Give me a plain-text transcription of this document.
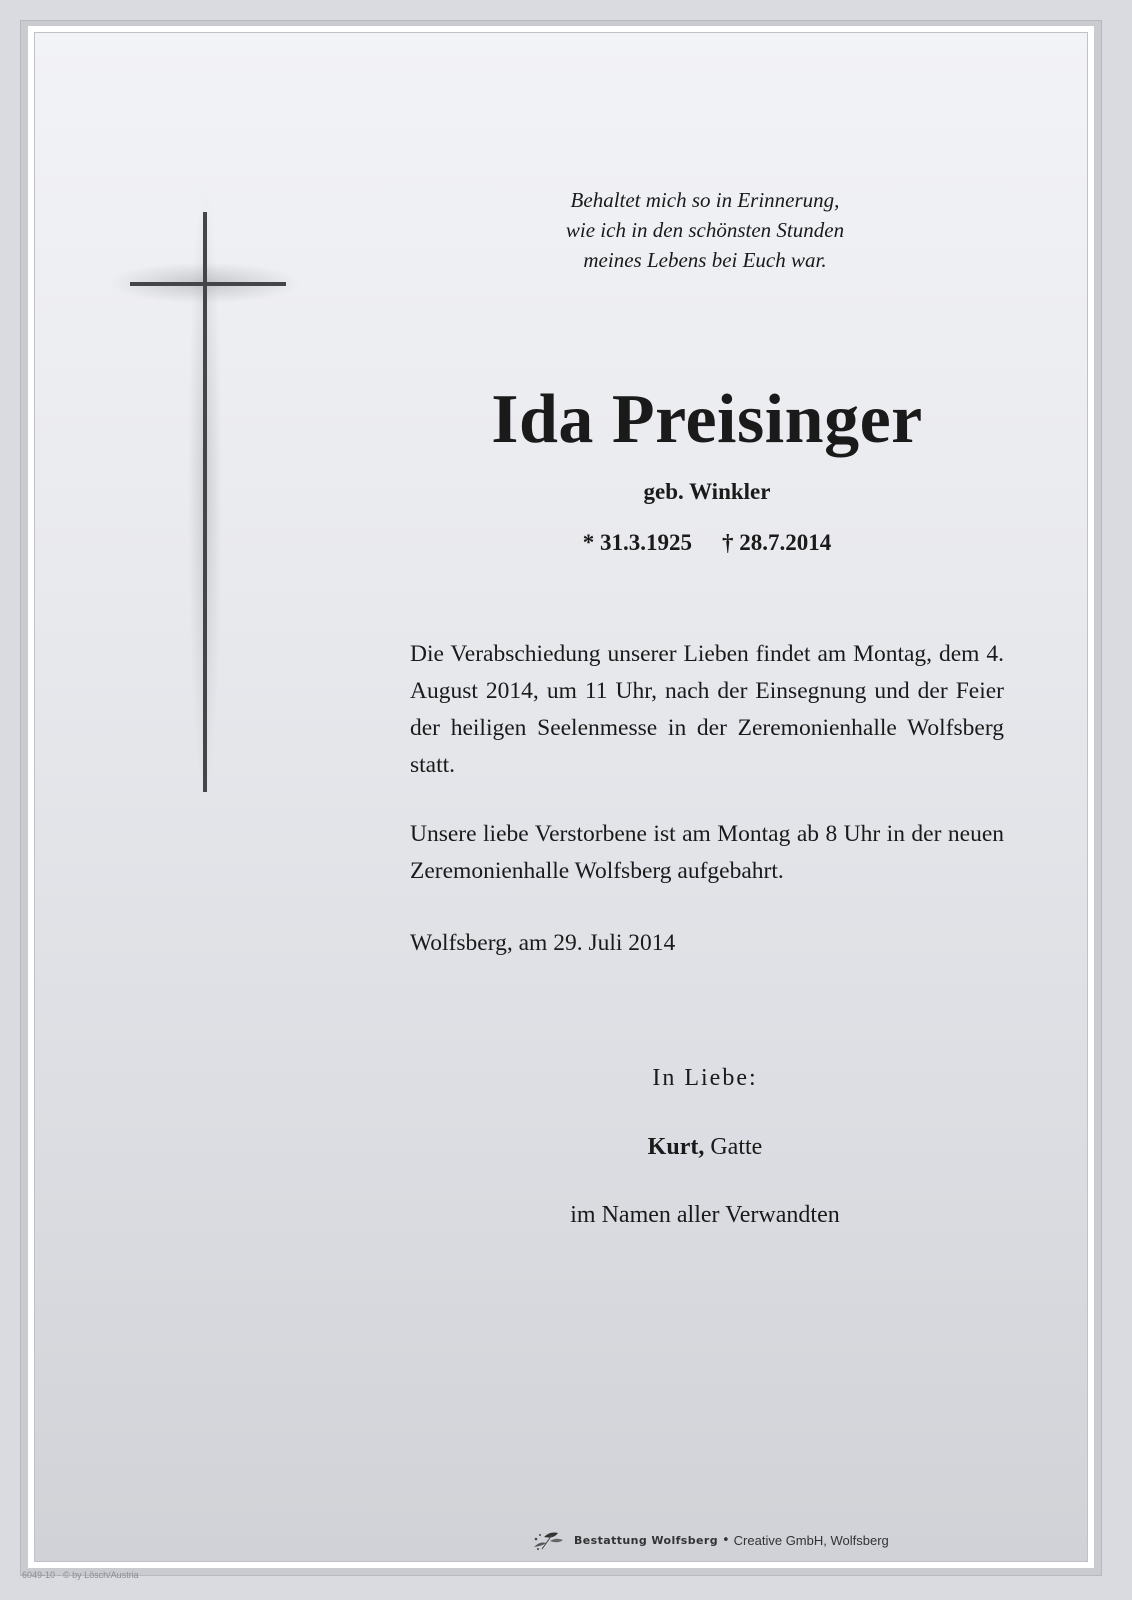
Behaltet mich so in Erinnerung,
wie ich in den schönsten Stunden
meines Lebens bei Euch war.
Ida Preisinger
geb. Winkler
* 31.3.1925 † 28.7.2014
Die Verabschiedung unserer Lieben findet am Montag, dem 4. August 2014, um 11 Uhr, nach der Einsegnung und der Feier der heiligen Seelenmesse in der Zeremonienhalle Wolfsberg statt.
Unsere liebe Verstorbene ist am Montag ab 8 Uhr in der neuen Zeremonienhalle Wolfsberg aufgebahrt.
Wolfsberg, am 29. Juli 2014
In Liebe:
Kurt, Gatte
im Namen aller Verwandten
Bestattung Wolfsberg • Creative GmbH, Wolfsberg
6049-10 · © by Lösch/Austria
